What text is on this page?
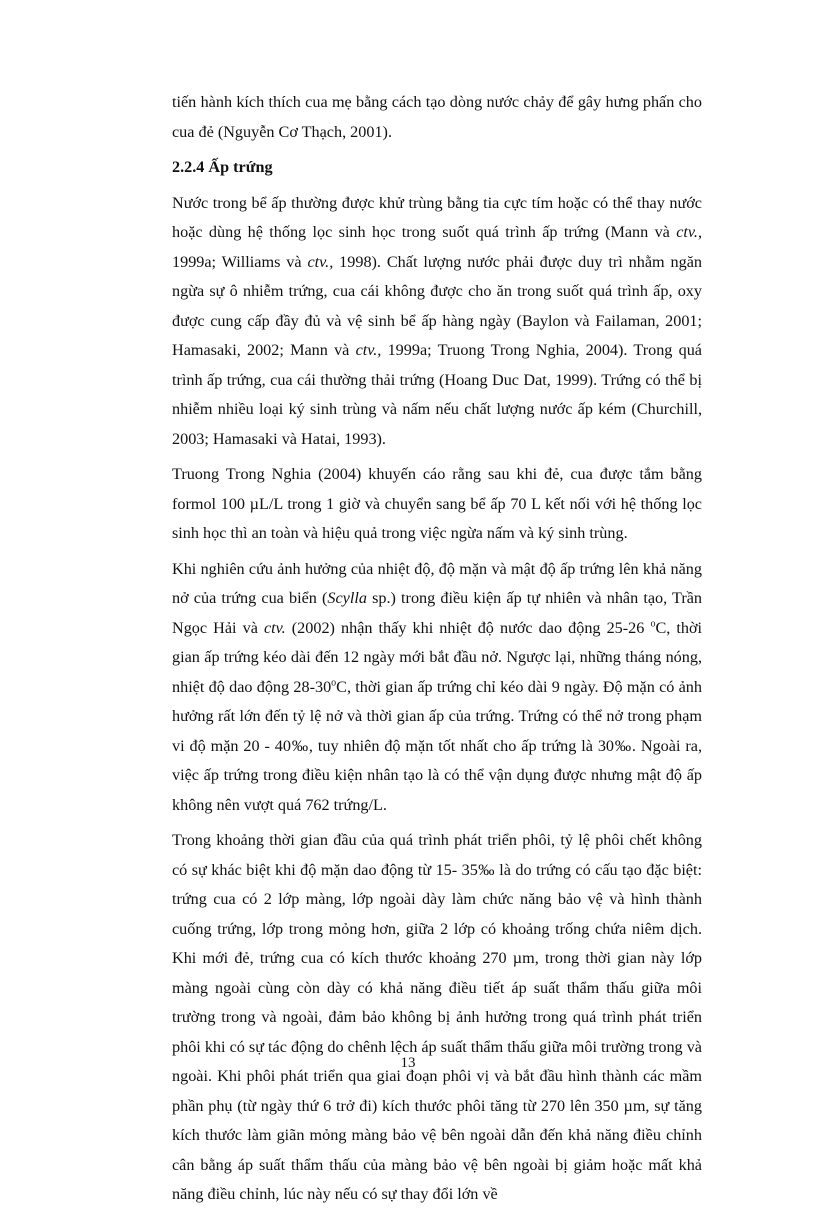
tiến hành kích thích cua mẹ bằng cách tạo dòng nước chảy để gây hưng phấn cho cua đẻ (Nguyễn Cơ Thạch, 2001).

2.2.4 Ấp trứng

Nước trong bể ấp thường được khử trùng bằng tia cực tím hoặc có thể thay nước hoặc dùng hệ thống lọc sinh học trong suốt quá trình ấp trứng (Mann và ctv., 1999a; Williams và ctv., 1998). Chất lượng nước phải được duy trì nhằm ngăn ngừa sự ô nhiễm trứng, cua cái không được cho ăn trong suốt quá trình ấp, oxy được cung cấp đầy đủ và vệ sinh bể ấp hàng ngày (Baylon và Failaman, 2001; Hamasaki, 2002; Mann và ctv., 1999a; Truong Trong Nghia, 2004). Trong quá trình ấp trứng, cua cái thường thải trứng (Hoang Duc Dat, 1999). Trứng có thể bị nhiễm nhiều loại ký sinh trùng và nấm nếu chất lượng nước ấp kém (Churchill, 2003; Hamasaki và Hatai, 1993).

Truong Trong Nghia (2004) khuyến cáo rằng sau khi đẻ, cua được tắm bằng formol 100 µL/L trong 1 giờ và chuyển sang bể ấp 70 L kết nối với hệ thống lọc sinh học thì an toàn và hiệu quả trong việc ngừa nấm và ký sinh trùng.

Khi nghiên cứu ảnh hưởng của nhiệt độ, độ mặn và mật độ ấp trứng lên khả năng nở của trứng cua biển (Scylla sp.) trong điều kiện ấp tự nhiên và nhân tạo, Trần Ngọc Hải và ctv. (2002) nhận thấy khi nhiệt độ nước dao động 25-26 $^o$C, thời gian ấp trứng kéo dài đến 12 ngày mới bắt đầu nở. Ngược lại, những tháng nóng, nhiệt độ dao động 28-30$^o$C, thời gian ấp trứng chỉ kéo dài 9 ngày. Độ mặn có ảnh hưởng rất lớn đến tỷ lệ nở và thời gian ấp của trứng. Trứng có thể nở trong phạm vi độ mặn 20 - 40‰, tuy nhiên độ mặn tốt nhất cho ấp trứng là 30‰. Ngoài ra, việc ấp trứng trong điều kiện nhân tạo là có thể vận dụng được nhưng mật độ ấp không nên vượt quá 762 trứng/L.

Trong khoảng thời gian đầu của quá trình phát triển phôi, tỷ lệ phôi chết không có sự khác biệt khi độ mặn dao động từ 15- 35‰ là do trứng có cấu tạo đặc biệt: trứng cua có 2 lớp màng, lớp ngoài dày làm chức năng bảo vệ và hình thành cuống trứng, lớp trong mỏng hơn, giữa 2 lớp có khoảng trống chứa niêm dịch. Khi mới đẻ, trứng cua có kích thước khoảng 270 µm, trong thời gian này lớp màng ngoài cùng còn dày có khả năng điều tiết áp suất thẩm thấu giữa môi trường trong và ngoài, đảm bảo không bị ảnh hưởng trong quá trình phát triển phôi khi có sự tác động do chênh lệch áp suất thẩm thấu giữa môi trường trong và ngoài. Khi phôi phát triển qua giai đoạn phôi vị và bắt đầu hình thành các mầm phần phụ (từ ngày thứ 6 trở đi) kích thước phôi tăng từ 270 lên 350 µm, sự tăng kích thước làm giãn mỏng màng bảo vệ bên ngoài dẫn đến khả năng điều chỉnh cân bằng áp suất thẩm thấu của màng bảo vệ bên ngoài bị giảm hoặc mất khả năng điều chỉnh, lúc này nếu có sự thay đổi lớn về

13
